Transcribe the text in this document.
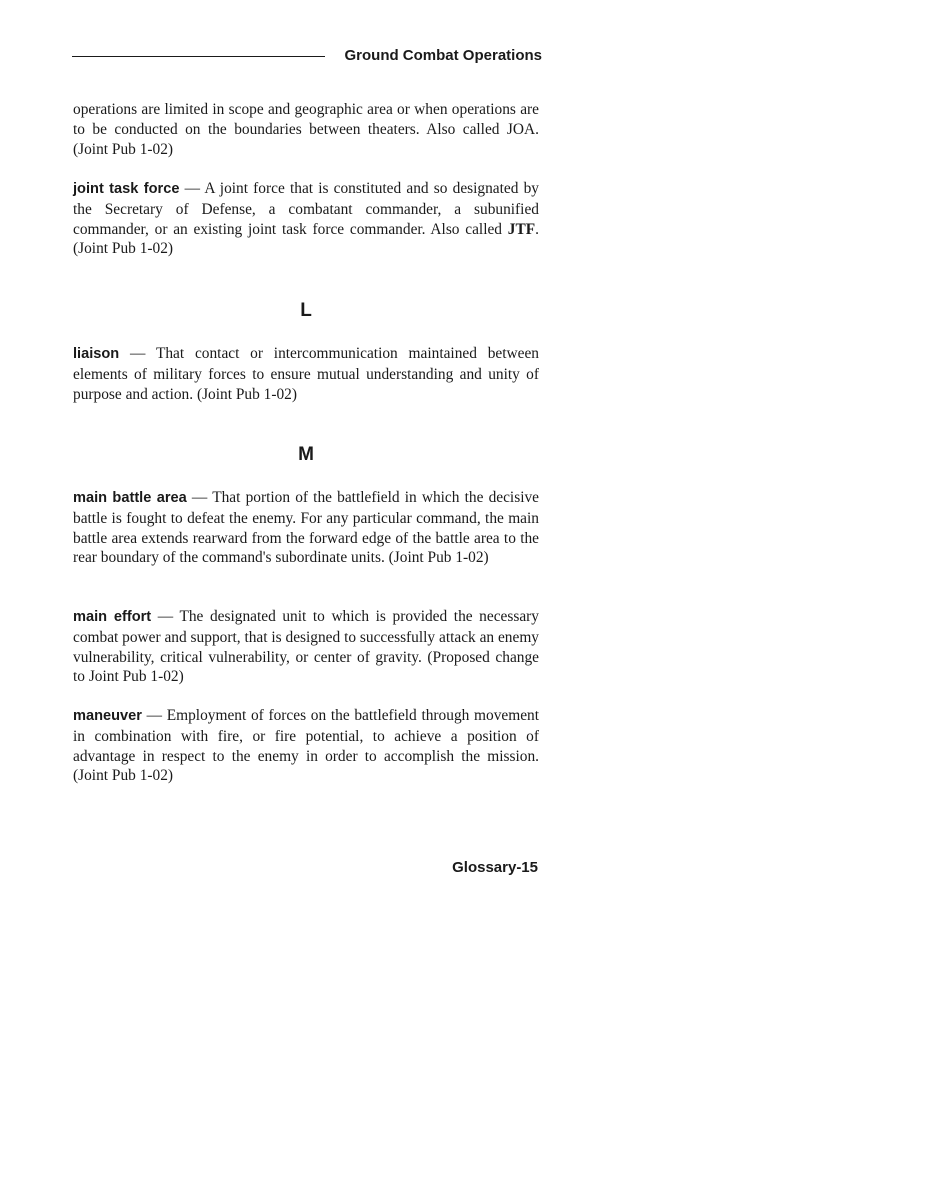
Ground Combat Operations

operations are limited in scope and geographic area or when operations are to be conducted on the boundaries between theaters. Also called JOA. (Joint Pub 1-02)

joint task force — A joint force that is constituted and so designated by the Secretary of Defense, a combatant commander, a subunified commander, or an existing joint task force commander. Also called JTF. (Joint Pub 1-02)

L

liaison — That contact or intercommunication maintained between elements of military forces to ensure mutual understanding and unity of purpose and action. (Joint Pub 1-02)

M

main battle area — That portion of the battlefield in which the decisive battle is fought to defeat the enemy. For any particular command, the main battle area extends rearward from the forward edge of the battle area to the rear boundary of the command's subordinate units. (Joint Pub 1-02)

main effort — The designated unit to which is provided the necessary combat power and support, that is designed to successfully attack an enemy vulnerability, critical vulnerability, or center of gravity. (Proposed change to Joint Pub 1-02)

maneuver — Employment of forces on the battlefield through movement in combination with fire, or fire potential, to achieve a position of advantage in respect to the enemy in order to accomplish the mission. (Joint Pub 1-02)

Glossary-15
